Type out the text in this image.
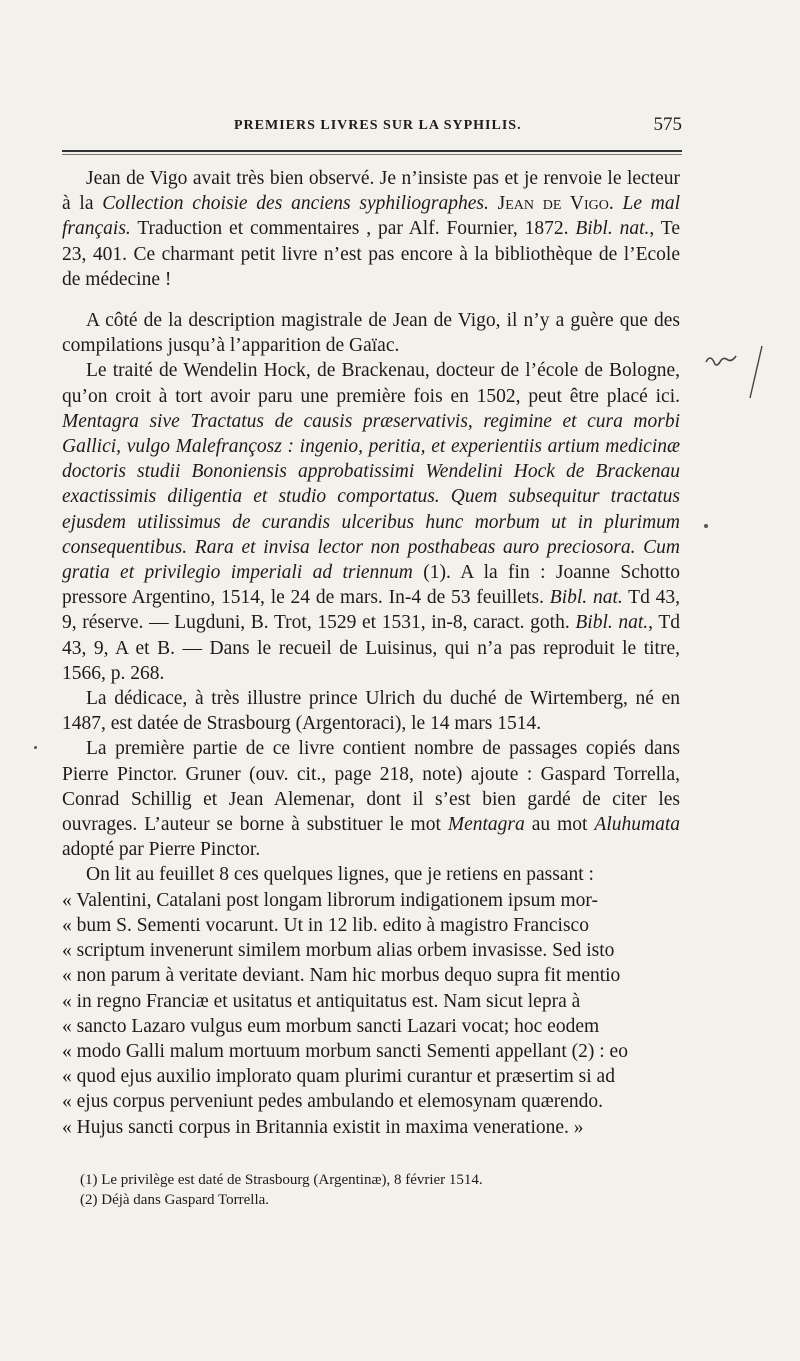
PREMIERS LIVRES SUR LA SYPHILIS.	575

Jean de Vigo avait très bien observé. Je n’insiste pas et je renvoie le lecteur à la Collection choisie des anciens syphiliographes. Jean de Vigo. Le mal français. Traduction et commentaires , par Alf. Fournier, 1872. Bibl. nat., Te 23, 401. Ce charmant petit livre n’est pas encore à la bibliothèque de l’Ecole de médecine !

A côté de la description magistrale de Jean de Vigo, il n’y a guère que des compilations jusqu’à l’apparition de Gaïac.

Le traité de Wendelin Hock, de Brackenau, docteur de l’école de Bologne, qu’on croit à tort avoir paru une première fois en 1502, peut être placé ici. Mentagra sive Tractatus de causis præservativis, regimine et cura morbi Gallici, vulgo Malefrançosz : ingenio, peritia, et experientiis artium medicinæ doctoris studii Bononiensis approbatissimi Wendelini Hock de Brackenau exactissimis diligentia et studio comportatus. Quem subsequitur tractatus ejusdem utilissimus de curandis ulceribus hunc morbum ut in plurimum consequentibus. Rara et invisa lector non posthabeas auro preciosora. Cum gratia et privilegio imperiali ad triennum (1). A la fin : Joanne Schotto pressore Argentino, 1514, le 24 de mars. In-4 de 53 feuillets. Bibl. nat. Td 43, 9, réserve. — Lugduni, B. Trot, 1529 et 1531, in-8, caract. goth. Bibl. nat., Td 43, 9, A et B. — Dans le recueil de Luisinus, qui n’a pas reproduit le titre, 1566, p. 268.

La dédicace, à très illustre prince Ulrich du duché de Wirtemberg, né en 1487, est datée de Strasbourg (Argentoraci), le 14 mars 1514.

La première partie de ce livre contient nombre de passages copiés dans Pierre Pinctor. Gruner (ouv. cit., page 218, note) ajoute : Gaspard Torrella, Conrad Schillig et Jean Alemenar, dont il s’est bien gardé de citer les ouvrages. L’auteur se borne à substituer le mot Mentagra au mot Aluhumata adopté par Pierre Pinctor.

On lit au feuillet 8 ces quelques lignes, que je retiens en passant :

« Valentini, Catalani post longam librorum indigationem ipsum mor-

« bum S. Sementi vocarunt. Ut in 12 lib. edito à magistro Francisco

« scriptum invenerunt similem morbum alias orbem invasisse. Sed isto

« non parum à veritate deviant. Nam hic morbus dequo supra fit mentio

« in regno Franciæ et usitatus et antiquitatus est. Nam sicut lepra à

« sancto Lazaro vulgus eum morbum sancti Lazari vocat; hoc eodem

« modo Galli malum mortuum morbum sancti Sementi appellant (2) : eo

« quod ejus auxilio implorato quam plurimi curantur et præsertim si ad

« ejus corpus perveniunt pedes ambulando et elemosynam quærendo.

« Hujus sancti corpus in Britannia existit in maxima veneratione. »

(1) Le privilège est daté de Strasbourg (Argentinæ), 8 février 1514.

(2) Déjà dans Gaspard Torrella.
